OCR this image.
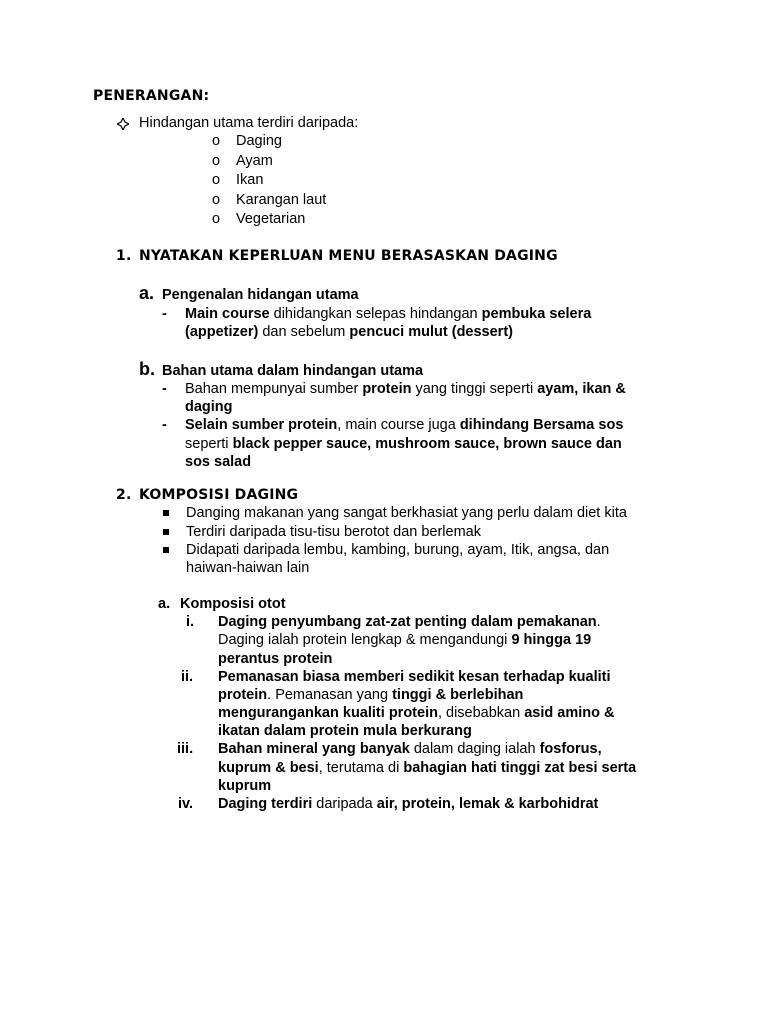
PENERANGAN:
Hindangan utama terdiri daripada:
o Daging
o Ayam
o Ikan
o Karangan laut
o Vegetarian
1. NYATAKAN KEPERLUAN MENU BERASASKAN DAGING
a. Pengenalan hidangan utama
- Main course dihidangkan selepas hindangan pembuka selera
(appetizer) dan sebelum pencuci mulut (dessert)
b. Bahan utama dalam hindangan utama
- Bahan mempunyai sumber protein yang tinggi seperti ayam, ikan &
daging
- Selain sumber protein, main course juga dihindang Bersama sos
seperti black pepper sauce, mushroom sauce, brown sauce dan
sos salad
2. KOMPOSISI DAGING
Danging makanan yang sangat berkhasiat yang perlu dalam diet kita
Terdiri daripada tisu-tisu berotot dan berlemak
Didapati daripada lembu, kambing, burung, ayam, Itik, angsa, dan
haiwan-haiwan lain
a. Komposisi otot
i. Daging penyumbang zat-zat penting dalam pemakanan.
Daging ialah protein lengkap & mengandungi 9 hingga 19
perantus protein
ii. Pemanasan biasa memberi sedikit kesan terhadap kualiti
protein. Pemanasan yang tinggi & berlebihan
mengurangankan kualiti protein, disebabkan asid amino &
ikatan dalam protein mula berkurang
iii. Bahan mineral yang banyak dalam daging ialah fosforus,
kuprum & besi, terutama di bahagian hati tinggi zat besi serta
kuprum
iv. Daging terdiri daripada air, protein, lemak & karbohidrat
